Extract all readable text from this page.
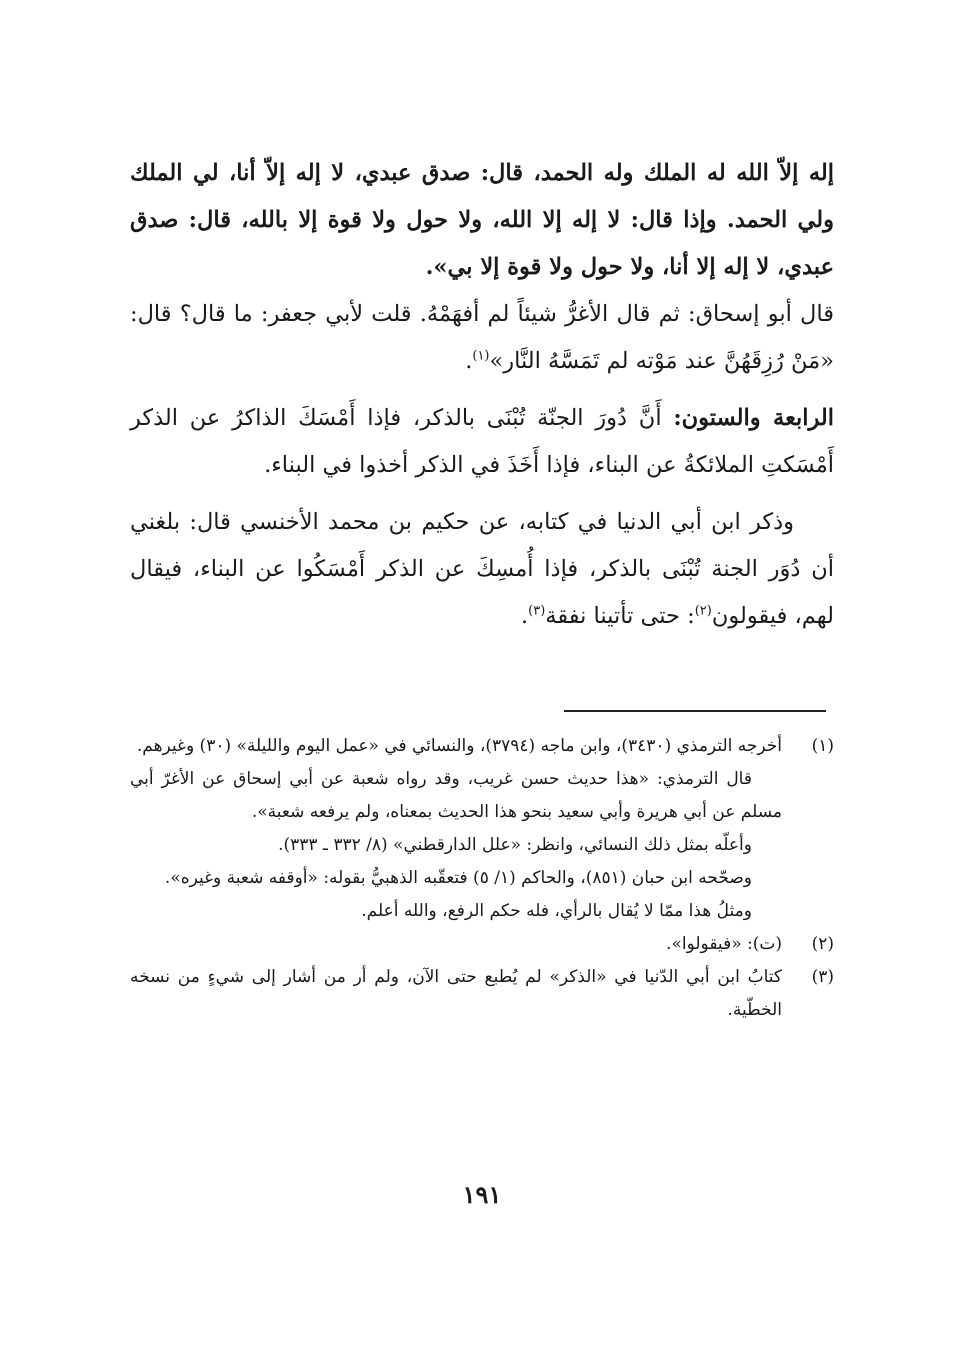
إله إلاّ الله له الملك وله الحمد، قال: صدق عبدي، لا إله إلاّ أنا، لي الملك ولي الحمد. وإذا قال: لا إله إلا الله، ولا حول ولا قوة إلا بالله، قال: صدق عبدي، لا إله إلا أنا، ولا حول ولا قوة إلا بي».

قال أبو إسحاق: ثم قال الأغرُّ شيئاً لم أفهَمْهُ. قلت لأبي جعفر: ما قال؟ قال: «مَنْ رُزِقَهُنَّ عند مَوْته لم تَمَسَّهُ النَّار»$^{(١)}$.

الرابعة والستون: أَنَّ دُورَ الجنّة تُبْنَى بالذكر، فإذا أَمْسَكَ الذاكرُ عن الذكر أَمْسَكتِ الملائكةُ عن البناء، فإذا أَخَذَ في الذكر أخذوا في البناء.

وذكر ابن أبي الدنيا في كتابه، عن حكيم بن محمد الأخنسي قال: بلغني أن دُوَر الجنة تُبْنَى بالذكر، فإذا أُمسِكَ عن الذكر أَمْسَكُوا عن البناء، فيقال لهم، فيقولون$^{(٢)}$: حتى تأتينا نفقة$^{(٣)}$.

(١)

أخرجه الترمذي (٣٤٣٠)، وابن ماجه (٣٧٩٤)، والنسائي في «عمل اليوم والليلة» (٣٠) وغيرهم.

قال الترمذي: «هذا حديث حسن غريب، وقد رواه شعبة عن أبي إسحاق عن الأغرّ أبي مسلم عن أبي هريرة وأبي سعيد بنحو هذا الحديث بمعناه، ولم يرفعه شعبة».

وأعلّه بمثل ذلك النسائي، وانظر: «علل الدارقطني» (٨/ ٣٣٢ ـ ٣٣٣).

وصحّحه ابن حبان (٨٥١)، والحاكم (١/ ٥) فتعقّبه الذهبيُّ بقوله: «أوقفه شعبة وغيره».

ومثلُ هذا ممّا لا يُقال بالرأي، فله حكم الرفع، والله أعلم.

(٢)

(ت): «فيقولوا».

(٣)

كتابُ ابن أبي الدّنيا في «الذكر» لم يُطبع حتى الآن، ولم أر من أشار إلى شيءٍ من نسخه الخطّية.

١٩١
